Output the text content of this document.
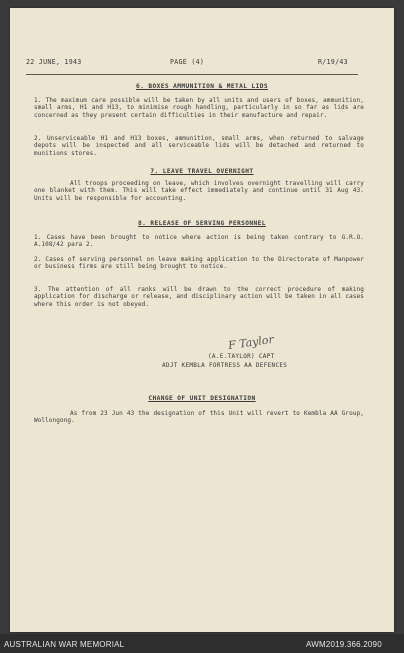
22 JUNE, 1943	PAGE (4)	R/19/43
6. BOXES AMMUNITION & METAL LIDS
1. The maximum care possible will be taken by all units and users of boxes, ammunition, small arms, H1 and H13, to minimise rough handling, particularly in so far as lids are concerned as they present certain difficulties in their manufacture and repair.
2. Unserviceable H1 and H13 boxes, ammunition, small arms, when returned to salvage depots will be inspected and all serviceable lids will be detached and returned to munitions stores.
7. LEAVE TRAVEL OVERNIGHT
All troops proceeding on leave, which involves overnight travelling will carry one blanket with them. This will take effect immediately and continue until 31 Aug 43. Units will be responsible for accounting.
8. RELEASE OF SERVING PERSONNEL
1. Cases have been brought to notice where action is being taken contrary to G.R.O. A.108/42 para 2.
2. Cases of serving personnel on leave making application to the Directorate of Manpower or business firms are still being brought to notice.
3. The attention of all ranks will be drawn to the correct procedure of making application for discharge or release, and disciplinary action will be taken in all cases where this order is not obeyed.
F Taylor
(A.E.TAYLOR) CAPT
ADJT KEMBLA FORTRESS AA DEFENCES
CHANGE OF UNIT DESIGNATION
As from 23 Jun 43 the designation of this Unit will revert to Kembla AA Group, Wollongong.
AUSTRALIAN WAR MEMORIAL	AWM2019.366.2090
